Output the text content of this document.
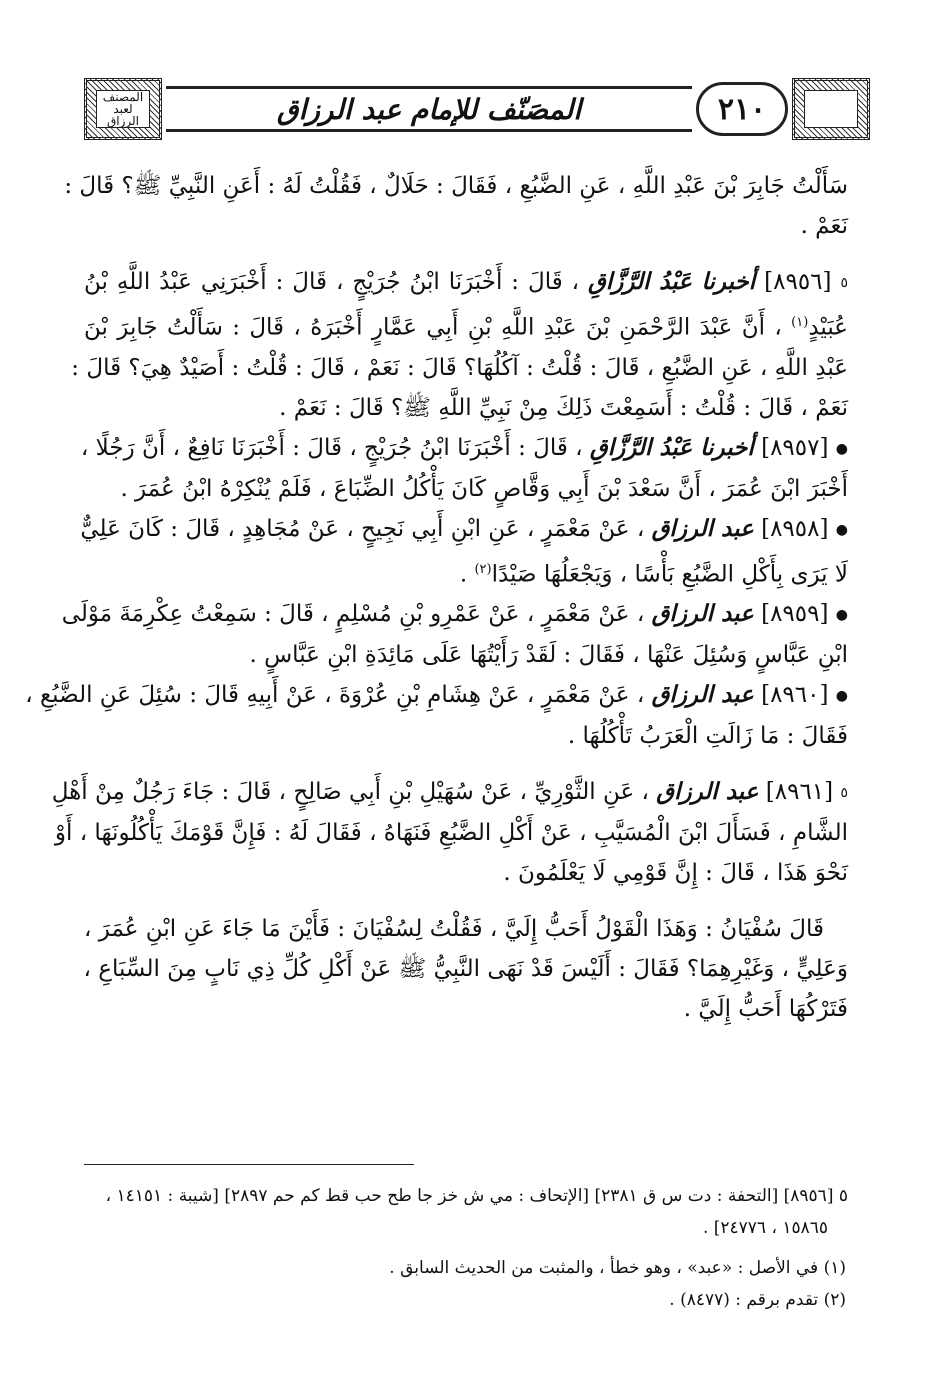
المصنف لعبد الرزاق	المصَنّف للإمام عبد الرزاق	٢١٠
سَأَلْتُ جَابِرَ بْنَ عَبْدِ اللَّهِ ، عَنِ الضَّبُعِ ، فَقَالَ : حَلَالٌ ، فَقُلْتُ لَهُ : أَعَنِ النَّبِيِّ ﷺ؟ قَالَ :
نَعَمْ .
٥ [٨٩٥٦] أخبرنا عَبْدُ الرَّزَّاقِ ، قَالَ : أَخْبَرَنَا ابْنُ جُرَيْجٍ ، قَالَ : أَخْبَرَنِي عَبْدُ اللَّهِ بْنُ
عُبَيْدٍ$^{(١)}$ ، أَنَّ عَبْدَ الرَّحْمَنِ بْنَ عَبْدِ اللَّهِ بْنِ أَبِي عَمَّارٍ أَخْبَرَهُ ، قَالَ : سَأَلْتُ جَابِرَ بْنَ
عَبْدِ اللَّهِ ، عَنِ الضَّبُعِ ، قَالَ : قُلْتُ : آكُلُهَا؟ قَالَ : نَعَمْ ، قَالَ : قُلْتُ : أَصَيْدٌ هِيَ؟ قَالَ :
نَعَمْ ، قَالَ : قُلْتُ : أَسَمِعْتَ ذَلِكَ مِنْ نَبِيِّ اللَّهِ ﷺ؟ قَالَ : نَعَمْ .
● [٨٩٥٧] أخبرنا عَبْدُ الرَّزَّاقِ ، قَالَ : أَخْبَرَنَا ابْنُ جُرَيْجٍ ، قَالَ : أَخْبَرَنَا نَافِعٌ ، أَنَّ رَجُلًا ،
أَخْبَرَ ابْنَ عُمَرَ ، أَنَّ سَعْدَ بْنَ أَبِي وَقَّاصٍ كَانَ يَأْكُلُ الضِّبَاعَ ، فَلَمْ يُنْكِرْهُ ابْنُ عُمَرَ .
● [٨٩٥٨] عبد الرزاق ، عَنْ مَعْمَرٍ ، عَنِ ابْنِ أَبِي نَجِيحٍ ، عَنْ مُجَاهِدٍ ، قَالَ : كَانَ عَلِيٌّ
لَا يَرَى بِأَكْلِ الضَّبُعِ بَأْسًا ، وَيَجْعَلُهَا صَيْدًا$^{(٢)}$ .
● [٨٩٥٩] عبد الرزاق ، عَنْ مَعْمَرٍ ، عَنْ عَمْرِو بْنِ مُسْلِمٍ ، قَالَ : سَمِعْتُ عِكْرِمَةَ مَوْلَى
ابْنِ عَبَّاسٍ وَسُئِلَ عَنْهَا ، فَقَالَ : لَقَدْ رَأَيْتُهَا عَلَى مَائِدَةِ ابْنِ عَبَّاسٍ .
● [٨٩٦٠] عبد الرزاق ، عَنْ مَعْمَرٍ ، عَنْ هِشَامِ بْنِ عُرْوَةَ ، عَنْ أَبِيهِ قَالَ : سُئِلَ عَنِ الضَّبُعِ ،
فَقَالَ : مَا زَالَتِ الْعَرَبُ تَأْكُلُهَا .
٥ [٨٩٦١] عبد الرزاق ، عَنِ الثَّوْرِيِّ ، عَنْ سُهَيْلِ بْنِ أَبِي صَالِحٍ ، قَالَ : جَاءَ رَجُلٌ مِنْ أَهْلِ
الشَّامِ ، فَسَأَلَ ابْنَ الْمُسَيَّبِ ، عَنْ أَكْلِ الضَّبُعِ فَنَهَاهُ ، فَقَالَ لَهُ : فَإِنَّ قَوْمَكَ يَأْكُلُونَهَا ، أَوْ
نَحْوَ هَذَا ، قَالَ : إِنَّ قَوْمِي لَا يَعْلَمُونَ .
قَالَ سُفْيَانُ : وَهَذَا الْقَوْلُ أَحَبُّ إِلَيَّ ، فَقُلْتُ لِسُفْيَانَ : فَأَيْنَ مَا جَاءَ عَنِ ابْنِ عُمَرَ ،
وَعَلِيٍّ ، وَغَيْرِهِمَا؟ فَقَالَ : أَلَيْسَ قَدْ نَهَى النَّبِيُّ ﷺ عَنْ أَكْلِ كُلِّ ذِي نَابٍ مِنَ السِّبَاعِ ،
فَتَرْكُهَا أَحَبُّ إِلَيَّ .
٥ [٨٩٥٦] [التحفة : دت س ق ٢٣٨١] [الإتحاف : مي ش خز جا طح حب قط كم حم ٢٨٩٧] [شيبة : ١٤١٥١ ،
١٥٨٦٥ ، ٢٤٧٧٦] .
(١) في الأصل : «عبد» ، وهو خطأ ، والمثبت من الحديث السابق .
(٢) تقدم برقم : (٨٤٧٧) .
